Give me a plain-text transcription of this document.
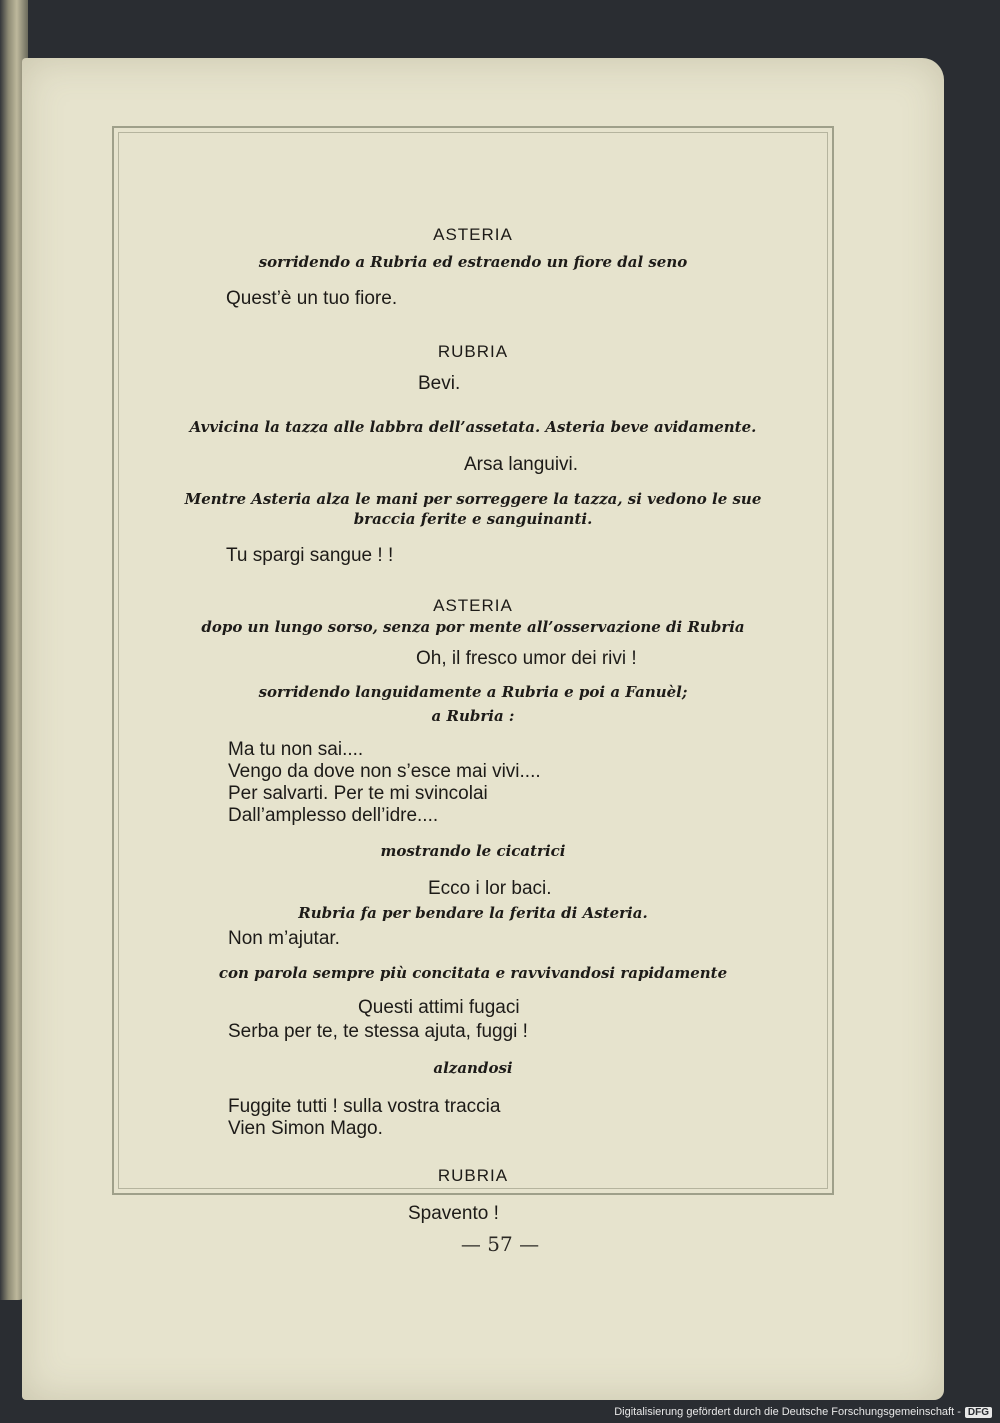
ASTERIA
sorridendo a Rubria ed estraendo un fiore dal seno
Quest’è un tuo fiore.
RUBRIA
Bevi.
Avvicina la tazza alle labbra dell’assetata. Asteria beve avidamente.
Arsa languivi.
Mentre Asteria alza le mani per sorreggere la tazza, si vedono le sue
braccia ferite e sanguinanti.
Tu spargi sangue ! !
ASTERIA
dopo un lungo sorso, senza por mente all’osservazione di Rubria
Oh, il fresco umor dei rivi !
sorridendo languidamente a Rubria e poi a Fanuèl;
a Rubria :
Ma tu non sai....
Vengo da dove non s’esce mai vivi....
Per salvarti. Per te mi svincolai
Dall’amplesso dell’idre....
mostrando le cicatrici
Ecco i lor baci.
Rubria fa per bendare la ferita di Asteria.
Non m’ajutar.
con parola sempre più concitata e ravvivandosi rapidamente
Questi attimi fugaci
Serba per te, te stessa ajuta, fuggi !
alzandosi
Fuggite tutti ! sulla vostra traccia
Vien Simon Mago.
RUBRIA
Spavento !
— 57 —
Digitalisierung gefördert durch die Deutsche Forschungsgemeinschaft - DFG
